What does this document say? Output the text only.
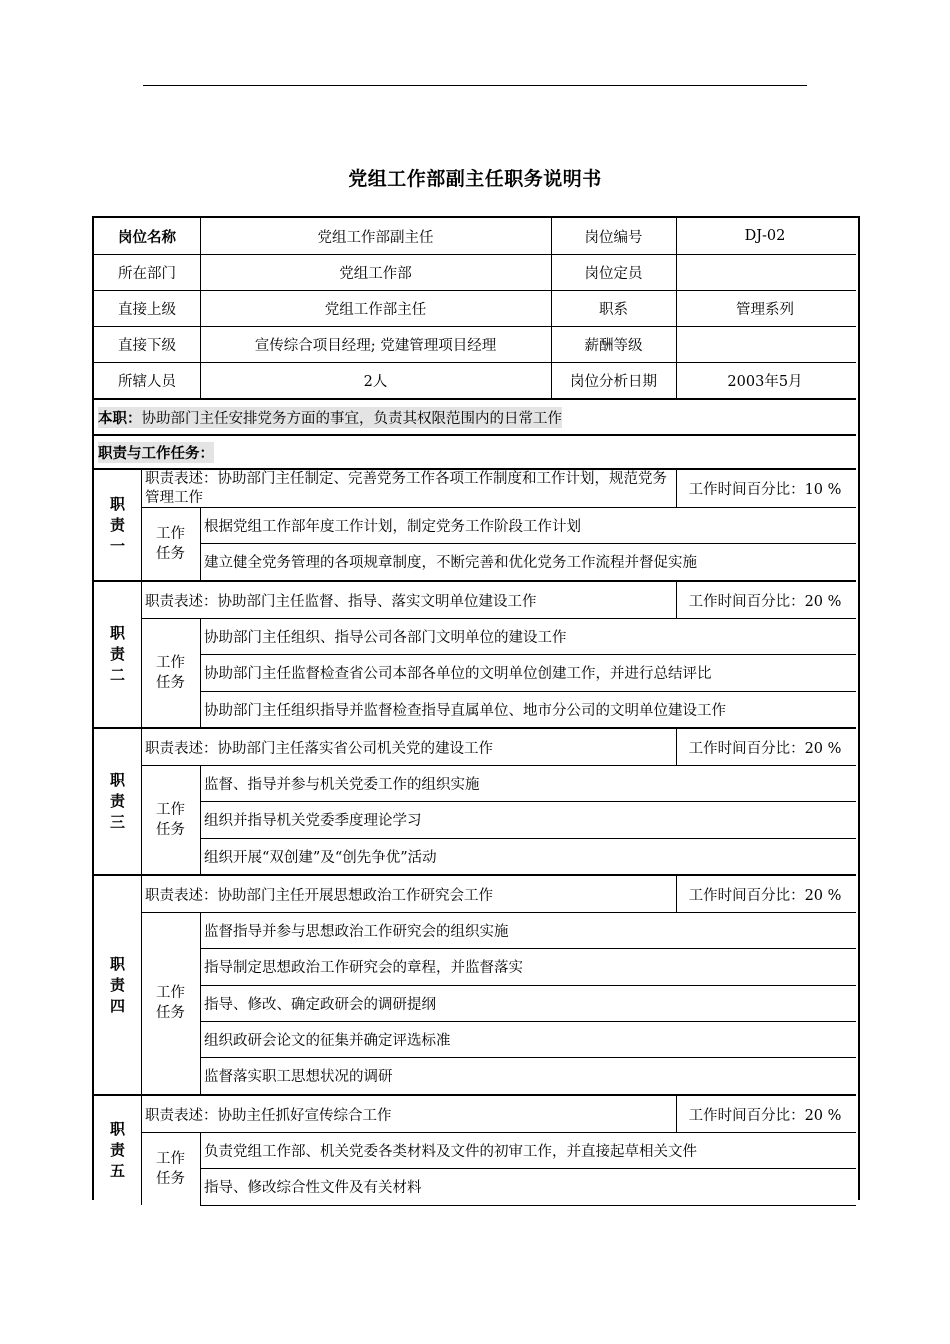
党组工作部副主任职务说明书
岗位名称	党组工作部副主任	岗位编号	DJ-02
所在部门	党组工作部	岗位定员
直接上级	党组工作部主任	职系	管理系列
直接下级	宣传综合项目经理; 党建管理项目经理	薪酬等级
所辖人员	2人	岗位分析日期	2003年5月
本职： 协助部门主任安排党务方面的事宜，负责其权限范围内的日常工作
职责与工作任务：
职
责
一
职责表述：协助部门主任制定、完善党务工作各项工作制度和工作计划，规范党务管理工作	工作时间百分比：10 %
工作
任务
根据党组工作部年度工作计划，制定党务工作阶段工作计划
建立健全党务管理的各项规章制度，不断完善和优化党务工作流程并督促实施
职
责
二
职责表述：协助部门主任监督、指导、落实文明单位建设工作	工作时间百分比：20 %
工作
任务
协助部门主任组织、指导公司各部门文明单位的建设工作
协助部门主任监督检查省公司本部各单位的文明单位创建工作，并进行总结评比
协助部门主任组织指导并监督检查指导直属单位、地市分公司的文明单位建设工作
职
责
三
职责表述：协助部门主任落实省公司机关党的建设工作	工作时间百分比：20 %
工作
任务
监督、指导并参与机关党委工作的组织实施
组织并指导机关党委季度理论学习
组织开展“双创建”及“创先争优”活动
职
责
四
职责表述：协助部门主任开展思想政治工作研究会工作	工作时间百分比：20 %
工作
任务
监督指导并参与思想政治工作研究会的组织实施
指导制定思想政治工作研究会的章程，并监督落实
指导、修改、确定政研会的调研提纲
组织政研会论文的征集并确定评选标准
监督落实职工思想状况的调研
职
责
五
职责表述：协助主任抓好宣传综合工作	工作时间百分比：20 %
工作
任务
负责党组工作部、机关党委各类材料及文件的初审工作，并直接起草相关文件
指导、修改综合性文件及有关材料
